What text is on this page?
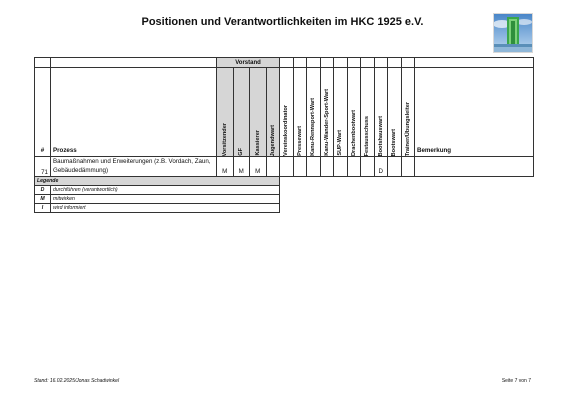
Positionen und Verantwortlichkeiten im HKC 1925 e.V.
		Vorstand														
#	Prozess	Vorsitzender	GF	Kassierer	Jugendwart	Vereinskoordinator	Pressewart	Kanu-Rennsport-Wart	Kanu-Wander-Sport-Wart	SUP-Wart	Drachenbootwart	Festausschuss	Bootshauswart	Bootswart	Trainer/Übungsleiter	Bemerkung
71	Baumaßnahmen und Erweiterungen (z.B. Vordach, Zaun, Gebäudedämmung)	M	M	M									D			
Legende																
D	durchführen (verantwortlich)															
M	mitwirken															
I	wird informiert															
Stand: 16.02.2025/Jonas Schadwinkel	Seite 7 von 7
